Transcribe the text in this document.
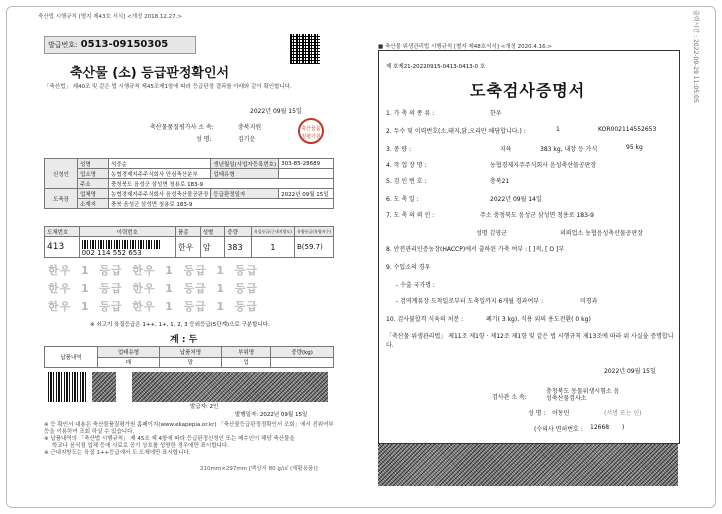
출력시간 : 2022-09-29 11:05:05
축산법 시행규칙 [별지 제43호 서식] <개정 2018.12.27.>
발급번호: 0513-09150305
축산물 (소) 등급판정확인서
「축산법」 제40조 및 같은 법 시행규칙 제45조제1항에 따라 등급판정 결과를 아래와 같이 확인합니다.
2022년 09월 15일
축산물품질평가사 소 속:	충북지원
성 명:	김기운
축산물품질평가원
신청인	성명	석중순	생년월일(사업자등록번호)	303-85-28689
	업소명	농협경제지주주식회사 안심축산분부	업태유형	
	주소	충청북도 음성군 삼성면 청용로 183-9		
도축장	업체명	농협경제지주주식회사 음성축산물공판장	등급판정일자	2022년 09월 15일
	소재지	충북 음성군 삼성면 청용로 183-9		
도체번호	이력번호	품종	성별	중량	육질등급(근내지방도)	육량등급(육량지수)
413	002 114 552 653	한우	암	383	1	B(59.7)
한우 1 등급 한우 1 등급 1 등급
한우 1 등급 한우 1 등급 1 등급
한우 1 등급 한우 1 등급 1 등급
※ 쇠고기 육질등급은 1++, 1+, 1, 2, 3 등외등급(5단계)으로 구분합니다.
계 : 두
납품내역	업태유형	납품처명	부위명	중량(kg)
	매	말	업	
발급자: 2인
발행일자: 2022년 09월 15일
※ 등 확인서 내용은 축산물품질평가원 홈페이지(www.ekapepia.or.kr) 「축산물등급판정정확인서 조회」에서 진위여부 등을 이용하여 조회 하실 수 있습니다.
※ 납품내역의 「축산법 시행규칙」 제 45조 제 4항에 따라 등급판정신청인 또는 매수인이 해당 축산물을
학교나 음식점 업체 등에 사료로 공기 상호를 성명한 경우에만 표시합니다.
※ 근내지방도는 육질 1++등급에서 도 도체에만 표시합니다.
210mm×297mm [백상지 80 g/㎡ (재활용품)]
■ 축산물 위생관리법 시행규칙 [별지 제48호서식] <개정 2020.4.16.>
제 호제21-20220915-0413-0413-0 호
도축검사증명서
1. 가 축 의 종 류 :	한우
2. 두수 및 이력번호(소,돼지,닭,오리만 해당합니다.) :	1	KOR002114552653
3. 중 량 :	지육	383 kg, 내장 등 가식	95 kg
4. 작 업 장 명 :	농협경제지주주식회사 음성축산물공판장
5. 검 인 번 호 :	충북21
6. 도 축 일 :	2022년 09월 14일
7. 도 축 의 뢰 인 :	주소 충청북도 음성군 삼성면 청용로 183-9
성명 김영군	의뢰업소 농협음성축산물공판장
8. 안전관리인증농장(HACCP)에서 출하된 가축 여부 : [ ]적, [ O ]부
9. 수입소의 경우
- 수출 국가명 :
- 검역계류장 도착일로부터 도축일까지 6개월 경과여부 :	미경과
10. 검사불합격 식육의 처분 :	폐기( 3 kg), 식용 외의 용도전환( 0 kg)
「축산물 위생관리법」 제11조 제1항 · 제12조 제1항 및 같은 법 시행규칙 제13조에 따라 위 사실을 증명합니다.
2022년 09월 15일
검사관 소 속:
충청북도 동물위생시험소 음성축산물검사소
성 명 : 이동민	(서명 또는 인)
(수의사 면허번호 : 12668 )
